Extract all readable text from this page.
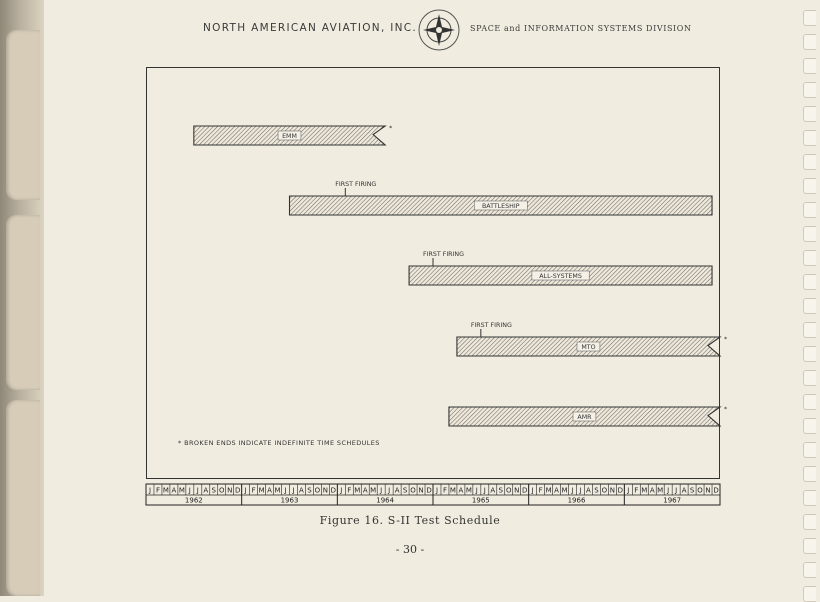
NORTH AMERICAN AVIATION, INC.	SPACE and INFORMATION SYSTEMS DIVISION
EMM
*
BATTLESHIP
FIRST FIRING
ALL-SYSTEMS
FIRST FIRING
MTO
*
FIRST FIRING
AMR
*
J F M A M J J A S O N D J F M A M J J A S O N D J F M A M J J A S O N D J F M A M J J A S O N D J F M A M J J A S O N D J F M A M J J A S O N D
1962	1963	1964	1965	1966	1967
* BROKEN ENDS INDICATE INDEFINITE TIME SCHEDULES
Figure 16. S-II Test Schedule
- 30 -
